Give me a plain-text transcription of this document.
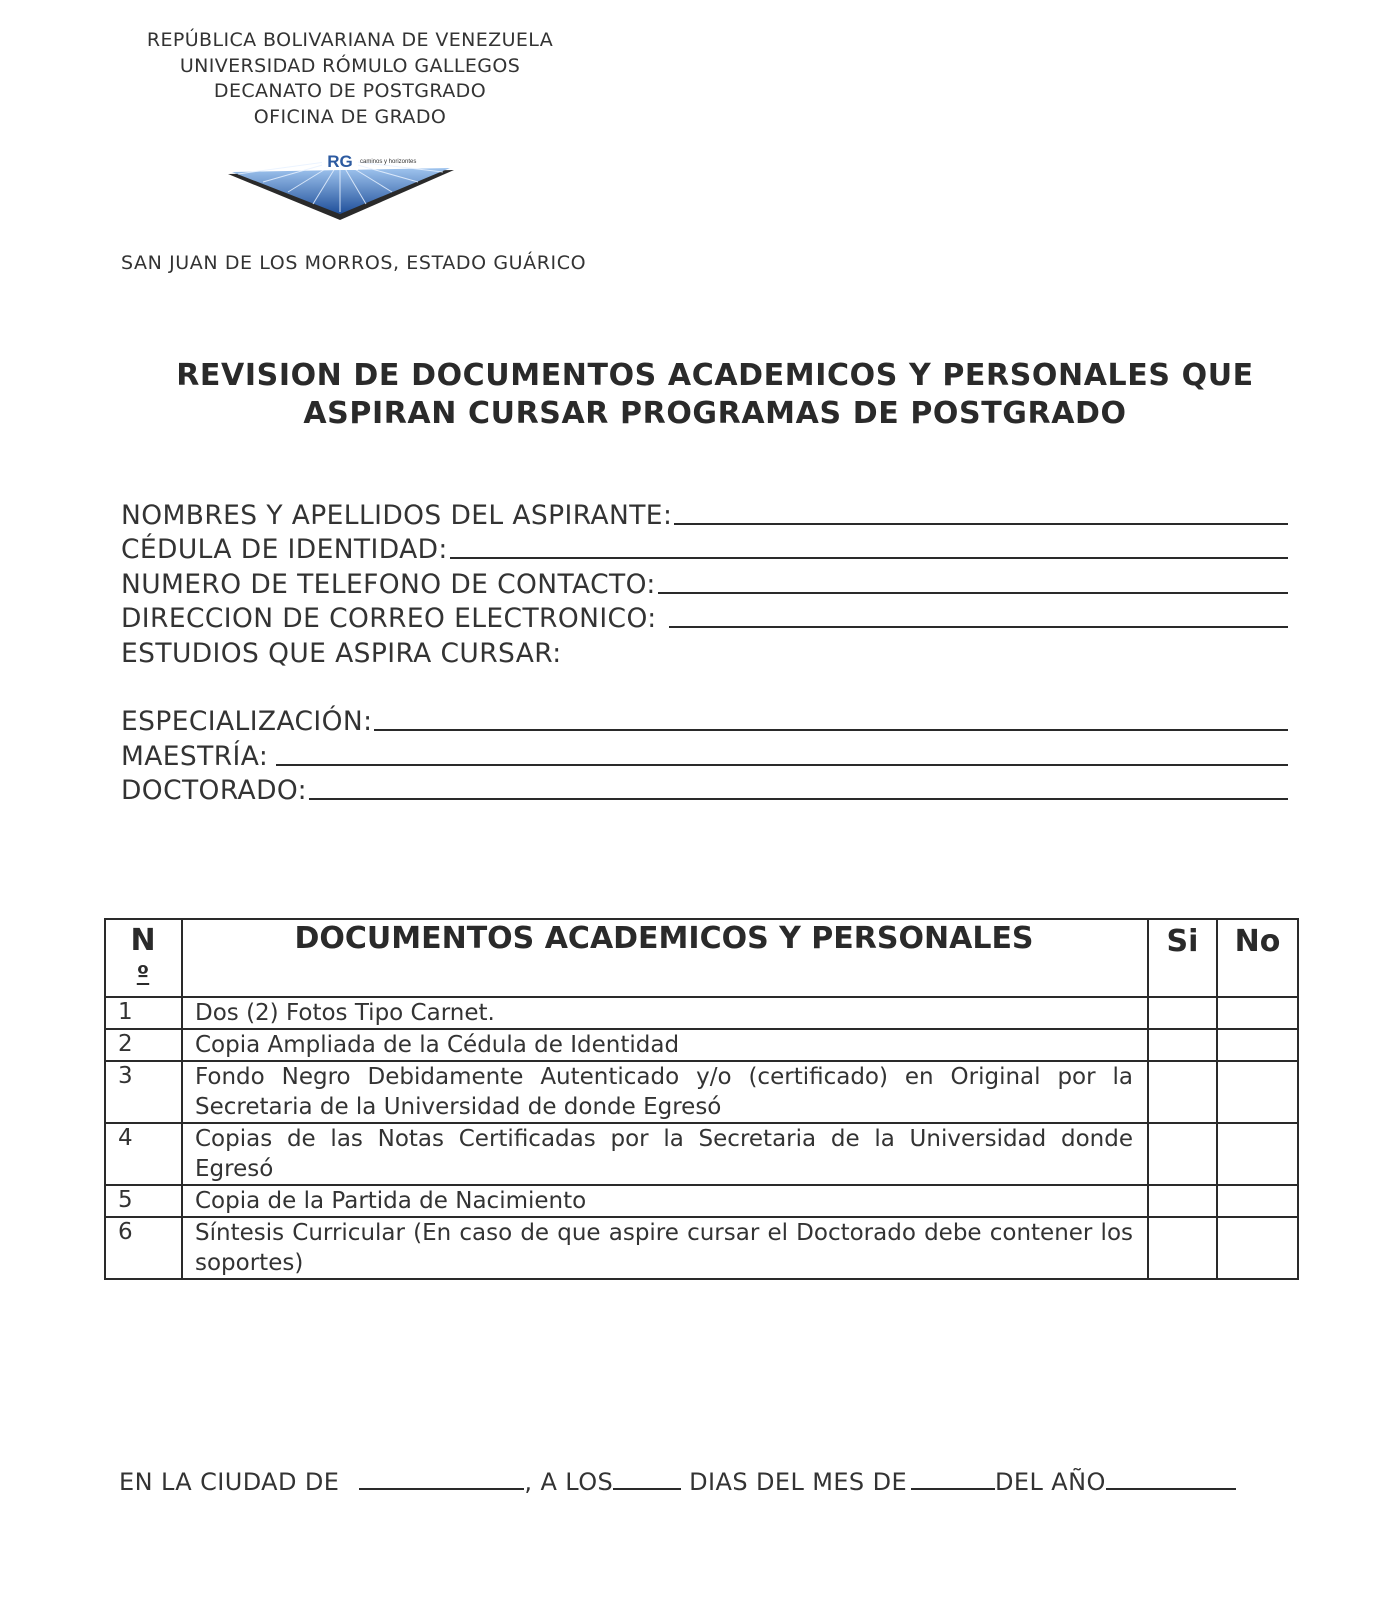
REPÚBLICA BOLIVARIANA DE VENEZUELA
UNIVERSIDAD RÓMULO GALLEGOS
DECANATO DE POSTGRADO
OFICINA DE GRADO
RG caminos y horizontes
SAN JUAN DE LOS MORROS, ESTADO GUÁRICO
REVISION DE DOCUMENTOS ACADEMICOS Y PERSONALES QUE
ASPIRAN CURSAR PROGRAMAS DE POSTGRADO
NOMBRES Y APELLIDOS DEL ASPIRANTE:
CÉDULA DE IDENTIDAD:
NUMERO DE TELEFONO DE CONTACTO:
DIRECCION DE CORREO ELECTRONICO:
ESTUDIOS QUE ASPIRA CURSAR:
ESPECIALIZACIÓN:
MAESTRÍA:
DOCTORADO:
N
º	DOCUMENTOS ACADEMICOS Y PERSONALES	Si	No
1	Dos (2) Fotos Tipo Carnet.		
2	Copia Ampliada de la Cédula de Identidad		
3	Fondo Negro Debidamente Autenticado y/o (certificado) en Original por la Secretaria de la Universidad de donde Egresó		
4	Copias de las Notas Certificadas por la Secretaria de la Universidad donde Egresó		
5	Copia de la Partida de Nacimiento		
6	Síntesis Curricular (En caso de que aspire cursar el Doctorado debe contener los soportes)		
EN LA CIUDAD DE	, A LOS	DIAS DEL MES DE	DEL AÑO
